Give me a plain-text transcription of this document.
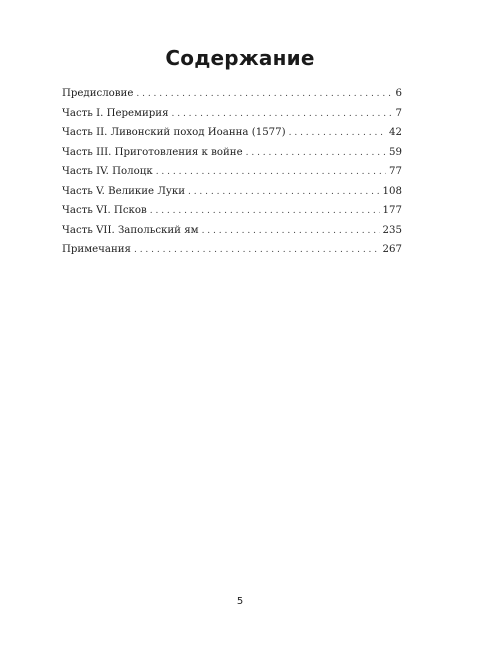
Содержание
Предисловие . . .	6
Часть I. Перемирия . . .	7
Часть II. Ливонский поход Иоанна (1577) . . .	42
Часть III. Приготовления к войне . . .	59
Часть IV. Полоцк . . .	77
Часть V. Великие Луки . . .	108
Часть VI. Псков . . .	177
Часть VII. Запольский ям . . .	235
Примечания . . .	267
5
